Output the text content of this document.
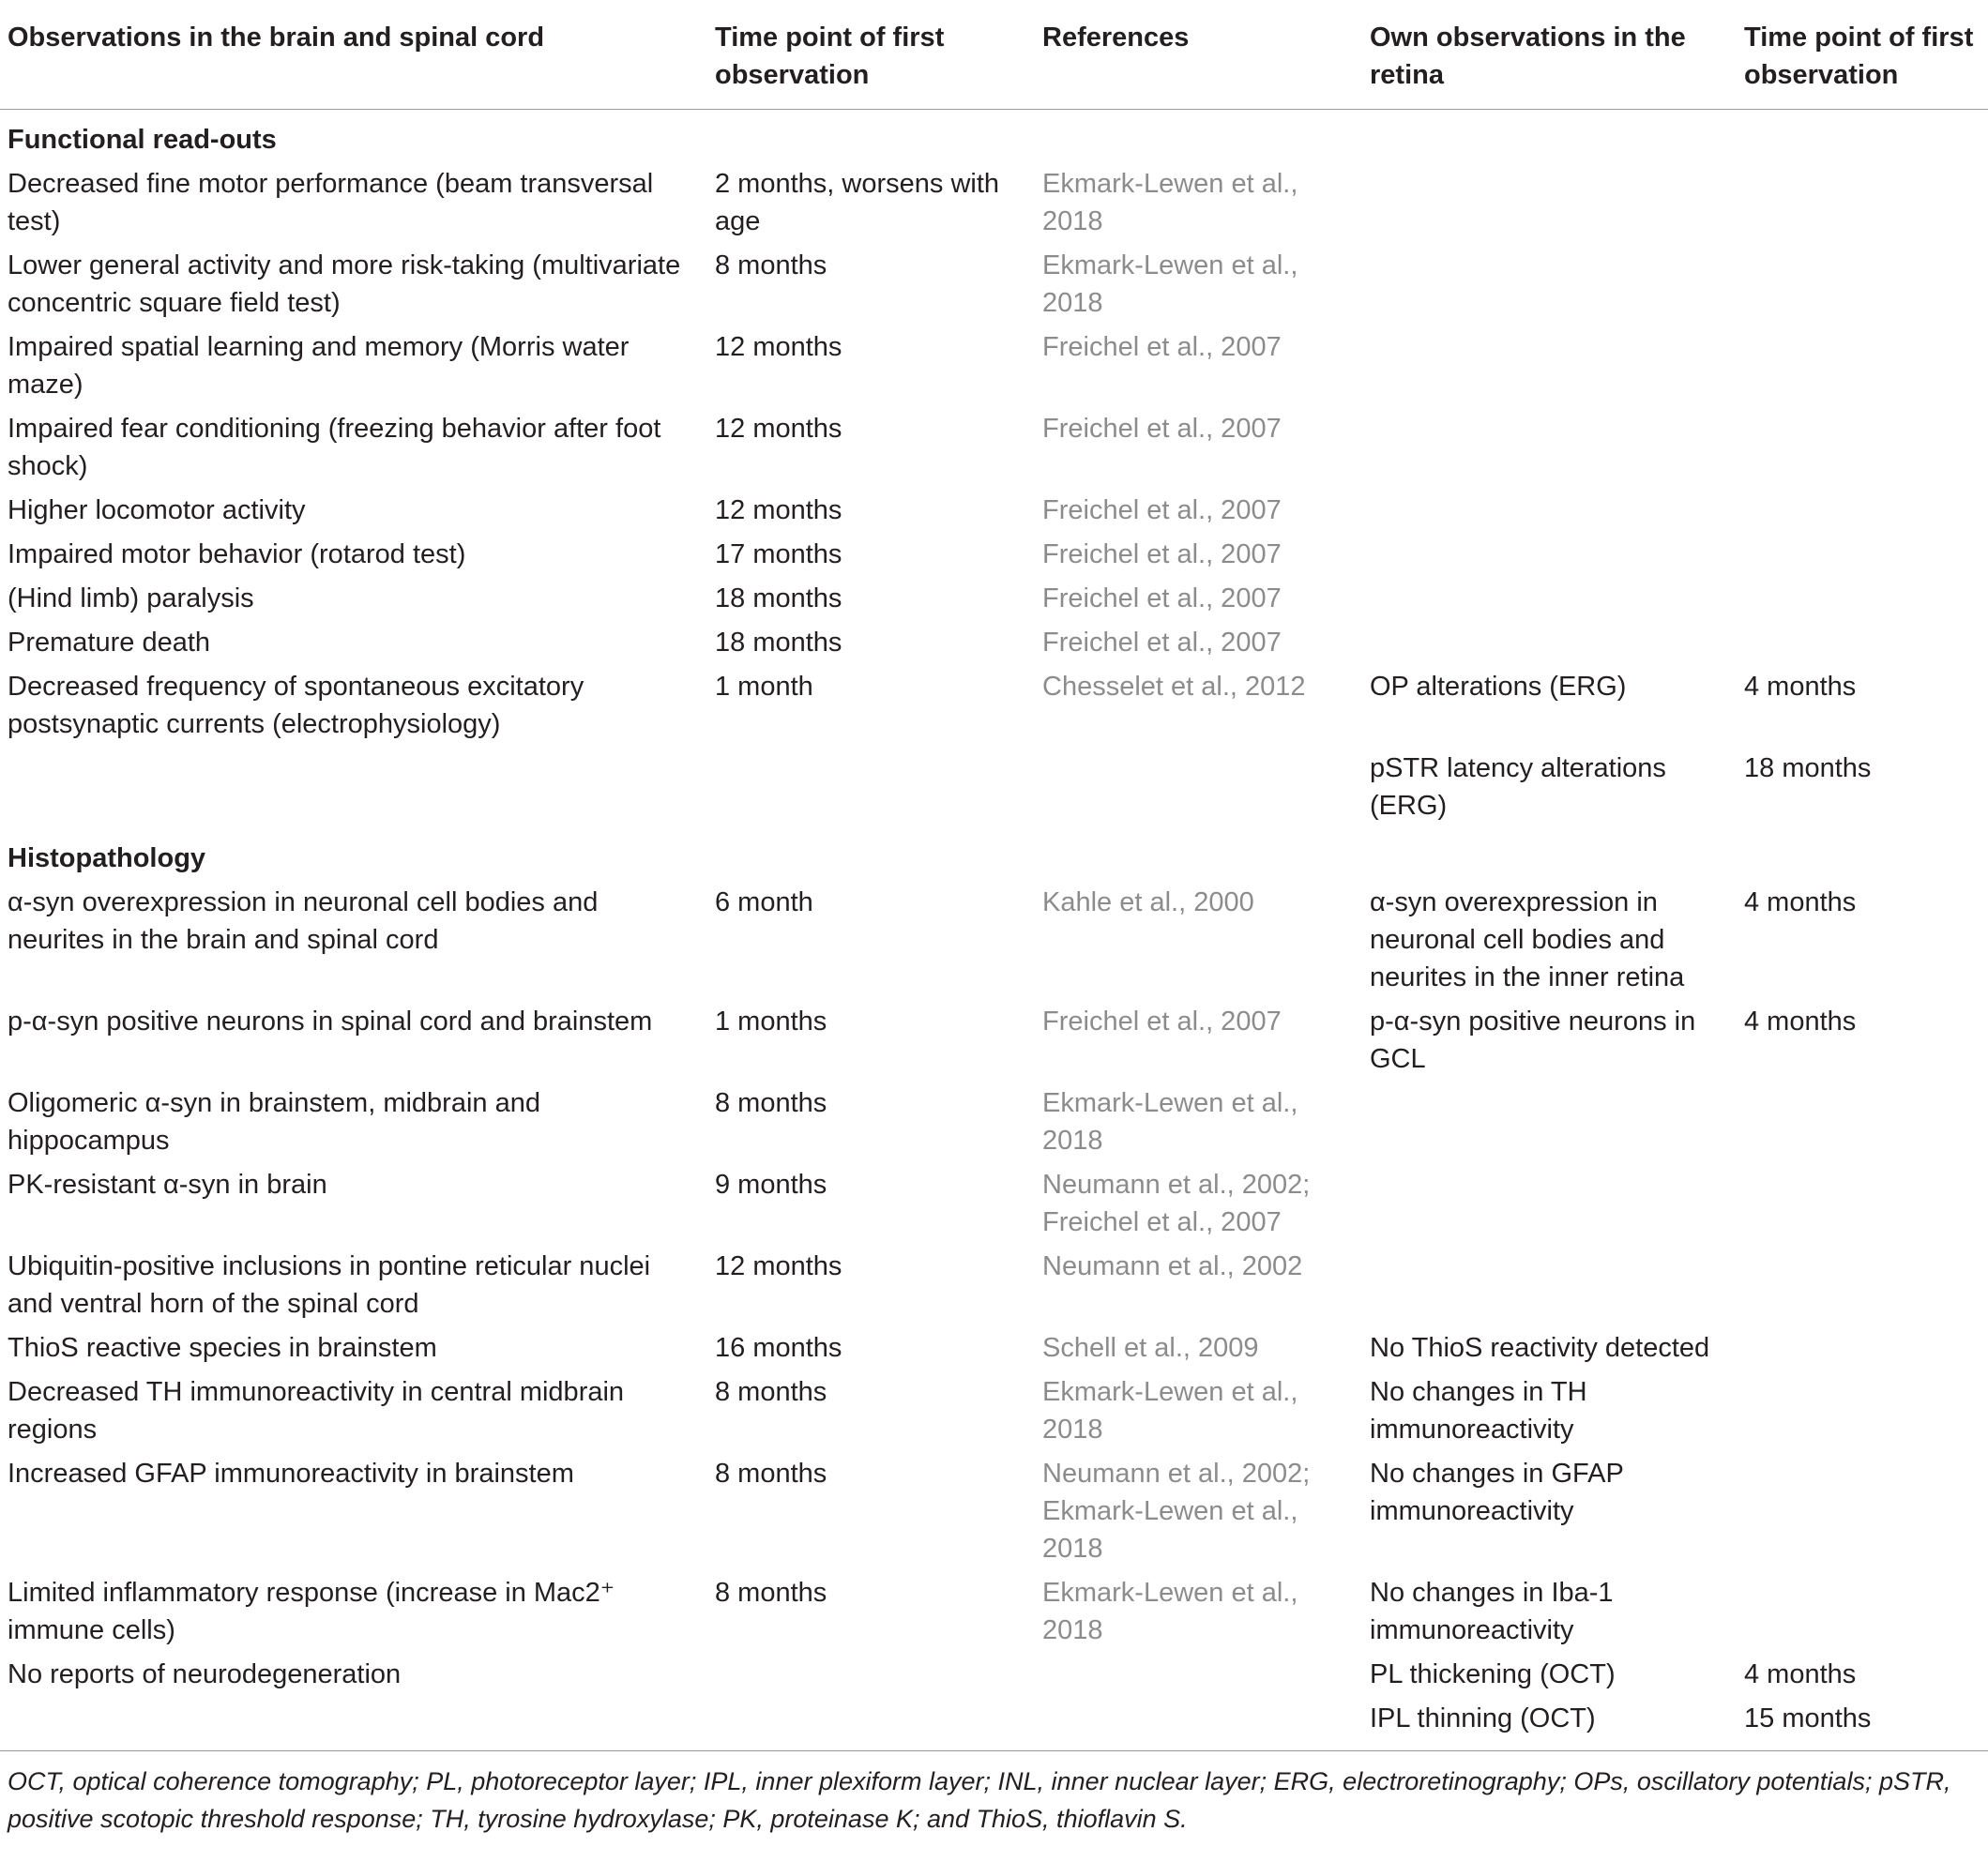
Observations in the brain and spinal cord	Time point of first observation	References	Own observations in the retina	Time point of first observation
Functional read-outs				
Decreased fine motor performance (beam transversal test)	2 months, worsens with age	Ekmark-Lewen et al., 2018		
Lower general activity and more risk-taking (multivariate concentric square field test)	8 months	Ekmark-Lewen et al., 2018		
Impaired spatial learning and memory (Morris water maze)	12 months	Freichel et al., 2007		
Impaired fear conditioning (freezing behavior after foot shock)	12 months	Freichel et al., 2007		
Higher locomotor activity	12 months	Freichel et al., 2007		
Impaired motor behavior (rotarod test)	17 months	Freichel et al., 2007		
(Hind limb) paralysis	18 months	Freichel et al., 2007		
Premature death	18 months	Freichel et al., 2007		
Decreased frequency of spontaneous excitatory postsynaptic currents (electrophysiology)	1 month	Chesselet et al., 2012	OP alterations (ERG)	4 months
			pSTR latency alterations (ERG)	18 months
Histopathology				
α-syn overexpression in neuronal cell bodies and neurites in the brain and spinal cord	6 month	Kahle et al., 2000	α-syn overexpression in neuronal cell bodies and neurites in the inner retina	4 months
p-α-syn positive neurons in spinal cord and brainstem	1 months	Freichel et al., 2007	p-α-syn positive neurons in GCL	4 months
Oligomeric α-syn in brainstem, midbrain and hippocampus	8 months	Ekmark-Lewen et al., 2018		
PK-resistant α-syn in brain	9 months	Neumann et al., 2002; Freichel et al., 2007		
Ubiquitin-positive inclusions in pontine reticular nuclei and ventral horn of the spinal cord	12 months	Neumann et al., 2002		
ThioS reactive species in brainstem	16 months	Schell et al., 2009	No ThioS reactivity detected	
Decreased TH immunoreactivity in central midbrain regions	8 months	Ekmark-Lewen et al., 2018	No changes in TH immunoreactivity	
Increased GFAP immunoreactivity in brainstem	8 months	Neumann et al., 2002; Ekmark-Lewen et al., 2018	No changes in GFAP immunoreactivity	
Limited inflammatory response (increase in Mac2⁺ immune cells)	8 months	Ekmark-Lewen et al., 2018	No changes in Iba-1 immunoreactivity	
No reports of neurodegeneration			PL thickening (OCT)	4 months
			IPL thinning (OCT)	15 months
OCT, optical coherence tomography; PL, photoreceptor layer; IPL, inner plexiform layer; INL, inner nuclear layer; ERG, electroretinography; OPs, oscillatory potentials; pSTR, positive scotopic threshold response; TH, tyrosine hydroxylase; PK, proteinase K; and ThioS, thioflavin S.
